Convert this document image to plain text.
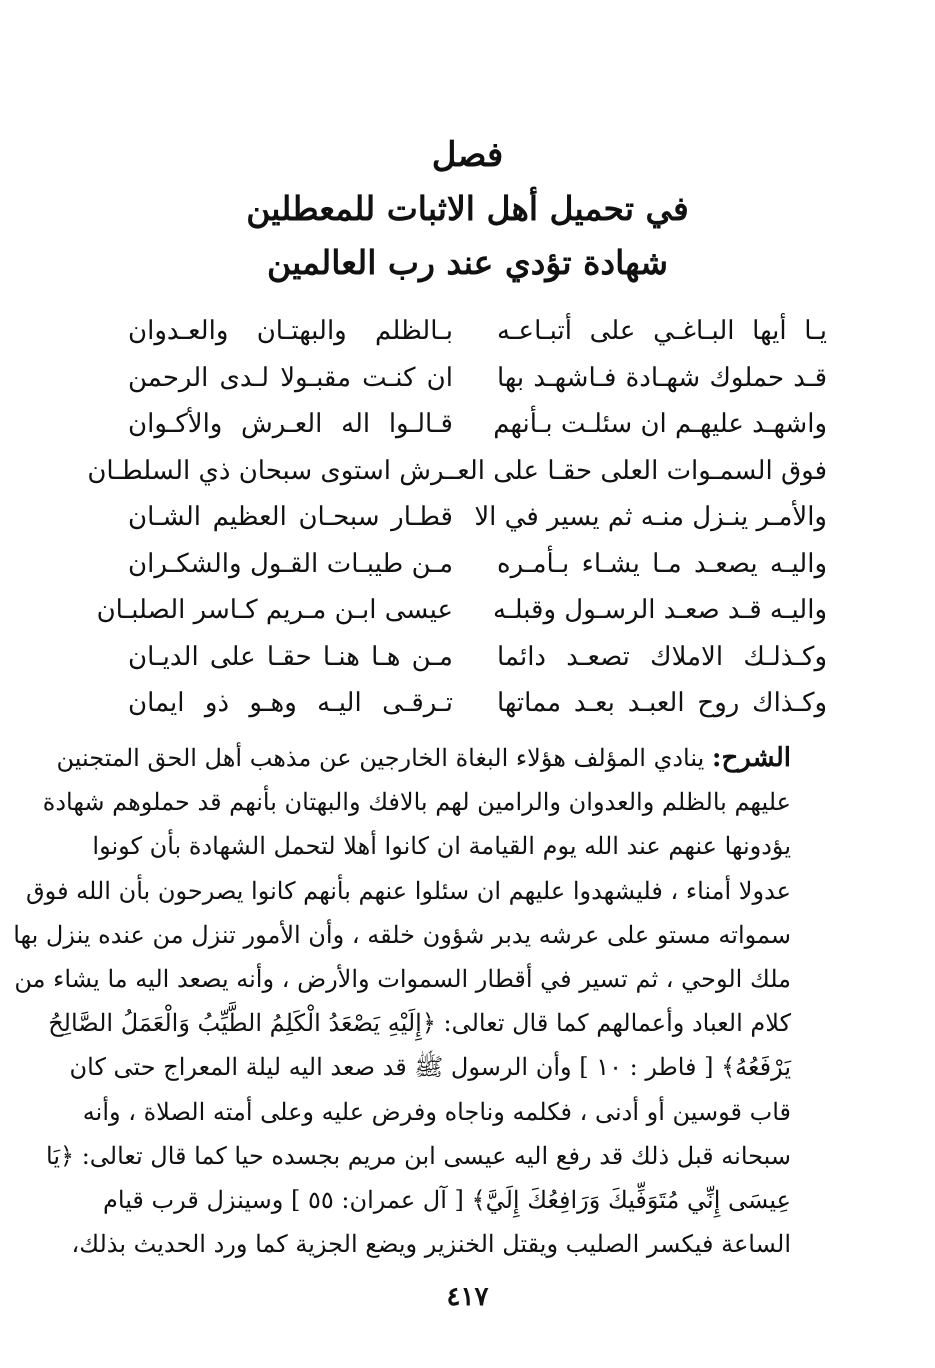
فصل
في تحميل أهل الاثبات للمعطلين
شهادة تؤدي عند رب العالمين
يـا أيها البـاغـي على أتبـاعـه
بـالظلم والبهتـان والعـدوان
قـد حملوك شهـادة فـاشهـد بها
ان كنـت مقبـولا لـدى الرحمن
واشهـد عليهـم ان سئلـت بـأنهم
قـالـوا اله العـرش والأكـوان
فوق السمـوات العلى حقـا على العـ
ـرش استوى سبحان ذي السلطـان
والأمـر ينـزل منـه ثم يسير في الا
قطـار سبحـان العظيم الشـان
واليـه يصعـد مـا يشـاء بـأمـره
مـن طيبـات القـول والشكـران
واليـه قـد صعـد الرسـول وقبلـه
عيسى ابـن مـريم كـاسر الصلبـان
وكـذلـك الاملاك تصعـد دائما
مـن هـا هنـا حقـا على الديـان
وكـذاك روح العبـد بعـد مماتها
تـرقـى اليـه وهـو ذو ايمان
الشرح: ينادي المؤلف هؤلاء البغاة الخارجين عن مذهب أهل الحق المتجنين
عليهم بالظلم والعدوان والرامين لهم بالافك والبهتان بأنهم قد حملوهم شهادة
يؤدونها عنهم عند الله يوم القيامة ان كانوا أهلا لتحمل الشهادة بأن كونوا
عدولا أمناء ، فليشهدوا عليهم ان سئلوا عنهم بأنهم كانوا يصرحون بأن الله فوق
سمواته مستو على عرشه يدبر شؤون خلقه ، وأن الأمور تنزل من عنده ينزل بها
ملك الوحي ، ثم تسير في أقطار السموات والأرض ، وأنه يصعد اليه ما يشاء من
كلام العباد وأعمالهم كما قال تعالى: ﴿إِلَيْهِ يَصْعَدُ الْكَلِمُ الطَّيِّبُ وَالْعَمَلُ الصَّالِحُ
يَرْفَعُهُ﴾ [ فاطر : ١٠ ] وأن الرسول ﷺ قد صعد اليه ليلة المعراج حتى كان
قاب قوسين أو أدنى ، فكلمه وناجاه وفرض عليه وعلى أمته الصلاة ، وأنه
سبحانه قبل ذلك قد رفع اليه عيسى ابن مريم بجسده حيا كما قال تعالى: ﴿يَا
عِيسَى إِنِّي مُتَوَفِّيكَ وَرَافِعُكَ إِلَيَّ﴾ [ آل عمران: ٥٥ ] وسينزل قرب قيام
الساعة فيكسر الصليب ويقتل الخنزير ويضع الجزية كما ورد الحديث بذلك،
٤١٧
